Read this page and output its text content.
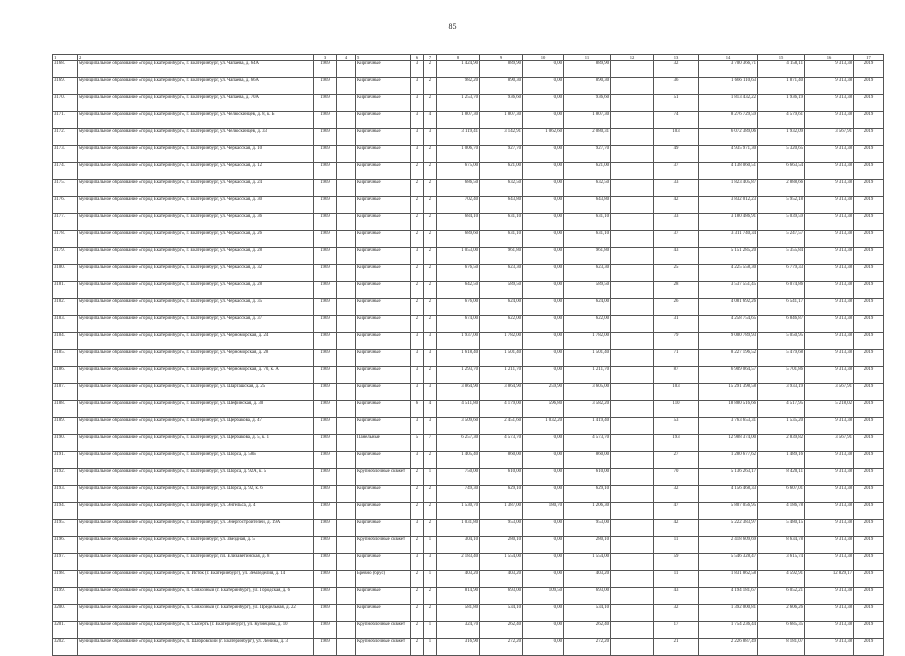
85
1	2	3	4	5	6	7	8	9	10	11	12	13	14	15	16	17
3168.	муниципальное образование «город Екатеринбург», г. Екатеринбург, ул. Чапаева, д. 64А	1969		Кирпичные	3	2	1 424,90	889,90	0,00	889,90		32	3 700 366,71	4 158,11	9 313,38	2019
3169.	муниципальное образование «город Екатеринбург», г. Екатеринбург, ул. Чапаева, д. 66А	1969		Кирпичные	3	2	982,20	890,30	0,00	890,30		36	1 666 110,63	1 871,40	9 313,38	2019
3170.	муниципальное образование «город Екатеринбург», г. Екатеринбург, ул. Чапаева, д. 70А	1969		Кирпичные	3	2	1 253,70	936,60	0,00	936,60		51	1 813 432,22	1 936,19	9 313,38	2019
3171.	муниципальное образование «город Екатеринбург», г. Екатеринбург, ул. Челюскинцев, д. 8, к. Б	1969		Кирпичные	3	4	1 807,30	1 807,30	0,00	1 807,30		74	8 276 729,59	4 579,61	9 313,38	2019
3172.	муниципальное образование «город Екатеринбург», г. Екатеринбург, ул. Челюскинцев, д. 33	1969		Кирпичные	3	3	3 119,41	3 142,91	1 062,60	2 080,31		103	6 072 389,06	1 932,09	3 567,91	2019
3173.	муниципальное образование «город Екатеринбург», г. Екатеринбург, ул. Черкасская, д. 10	1969		Кирпичные	3	2	1 006,70	927,70	0,00	927,70		49	4 935 971,30	5 320,65	9 313,38	2019
3174.	муниципальное образование «город Екатеринбург», г. Екатеринбург, ул. Черкасская, д. 12	1969		Кирпичные	2	2	675,00	621,00	0,00	621,00		37	4 138 060,51	6 663,54	9 313,38	2019
3175.	муниципальное образование «город Екатеринбург», г. Екатеринбург, ул. Черкасская, д. 24	1969		Кирпичные	2	2	686,50	632,50	0,00	632,50		33	1 823 405,87	2 888,66	9 313,38	2019
3176.	муниципальное образование «город Екатеринбург», г. Екатеринбург, ул. Черкасская, д. 30	1969		Кирпичные	2	2	702,40	643,80	0,00	643,80		42	3 832 012,23	5 952,18	9 313,38	2019
3177.	муниципальное образование «город Екатеринбург», г. Екатеринбург, ул. Черкасская, д. 36	1969		Кирпичные	2	2	684,10	631,10	0,00	631,10		33	3 180 486,91	5 039,59	9 313,38	2019
3178.	муниципальное образование «город Екатеринбург», г. Екатеринбург, ул. Черкасская, д. 26	1969		Кирпичные	2	2	689,60	631,10	0,00	631,10		37	3 311 740,34	5 247,57	9 313,38	2019
3179.	муниципальное образование «город Екатеринбург», г. Екатеринбург, ул. Черкасская, д. 28	1969		Кирпичные	3	2	1 053,00	961,80	0,00	961,80		43	5 151 285,20	5 355,84	9 313,38	2019
3180.	муниципальное образование «город Екатеринбург», г. Екатеринбург, ул. Черкасская, д. 32	1969		Кирпичные	2	2	676,50	623,30	0,00	623,30		25	4 225 558,30	6 779,33	9 313,38	2019
3181.	муниципальное образование «город Екатеринбург», г. Екатеринбург, ул. Черкасская, д. 28	1969		Кирпичные	2	2	642,50	589,50	0,00	589,50		28	3 537 551,45	6 074,86	9 313,38	2019
3182.	муниципальное образование «город Екатеринбург», г. Екатеринбург, ул. Черкасская, д. 35	1969		Кирпичные	2	2	676,00	624,00	0,00	624,00		26	4 081 692,26	6 541,17	9 313,38	2019
3183.	муниципальное образование «город Екатеринбург», г. Екатеринбург, ул. Черкасская, д. 37	1969		Кирпичные	2	2	674,00	622,00	0,00	622,00		31	4 258 754,65	6 846,87	9 313,38	2019
3184.	муниципальное образование «город Екатеринбург», г. Екатеринбург, ул. Черноморская, д. 24	1969		Кирпичные	3	3	1 937,00	1 782,00	0,00	1 782,00		79	9 000 789,93	5 050,95	9 313,38	2019
3185.	муниципальное образование «город Екатеринбург», г. Екатеринбург, ул. Черноморская, д. 28	1969		Кирпичные	3	3	1 618,40	1 501,40	0,00	1 501,40		71	8 227 196,52	5 479,68	9 313,38	2019
3186.	муниципальное образование «город Екатеринбург», г. Екатеринбург, ул. Черноморская, д. 70, к. А	1969		Кирпичные	3	2	1 293,70	1 211,70	0,00	1 211,70		87	6 909 064,57	5 701,86	9 313,38	2019
3187.	муниципальное образование «город Екатеринбург», г. Екатеринбург, ул. Шарташская, д. 25	1969		Кирпичные	3	3	3 864,90	3 864,90	259,90	3 605,00		103	15 291 398,58	3 933,19	3 567,91	2019
3188.	муниципальное образование «город Екатеринбург», г. Екатеринбург, ул. Шефинская, д. 30	1969		Кирпичные	6	4	4 511,80	4 179,00	596,80	3 582,20		110	18 880 516,66	4 517,95	5 218,02	2019
3189.	муниципальное образование «город Екатеринбург», г. Екатеринбург, ул. Щербакова, д. 47	1969		Кирпичные	3	3	3 509,60	2 451,60	1 032,20	1 419,40		53	3 763 653,31	1 535,20	9 313,38	2019
3190.	муниципальное образование «город Екатеринбург», г. Екатеринбург, ул. Щербакова, д. 5, к. 1	1969		Панельные	5	7	6 257,30	4 573,70	0,00	4 573,70		193	12 988 374,00	2 839,82	3 567,91	2019
3191.	муниципальное образование «город Екатеринбург», г. Екатеринбург, ул. Шорса, д. 58Б	1969		Кирпичные	3	2	1 405,40	860,00	0,00	860,00		27	1 280 677,62	1 489,16	9 313,38	2019
3192.	муниципальное образование «город Екатеринбург», г. Екатеринбург, ул. Шорса, д. 92А, к. 5	1969		Крупноблочные сквжет	2	1	750,00	610,00	0,00	610,00		70	5 136 263,17	8 420,11	9 313,38	2019
3193.	муниципальное образование «город Екатеринбург», г. Екатеринбург, ул. Шорса, д. 92, к. 6	1969		Кирпичные	2	2	749,30	629,10	0,00	629,10		32	4 156 468,33	6 607,01	9 313,38	2019
3194.	муниципальное образование «город Екатеринбург», г. Екатеринбург, ул. Энгельса, д. 4	1969		Кирпичные	2	2	1 530,70	1 387,00	180,70	1 206,30		47	5 807 056,95	4 186,78	9 313,38	2019
3195.	муниципальное образование «город Екатеринбург», г. Екатеринбург, ул. Энергостроителей, д. 19А	1969		Кирпичные	3	2	1 031,80	953,00	0,00	953,00		42	5 222 383,97	5 480,15	9 313,38	2019
3196.	муниципальное образование «город Екатеринбург», г. Екатеринбург, ул. Звездная, д. 5	1969		Крупноблочные сквжет	2	1	304,10	280,10	0,00	280,10		11	2 418 609,69	8 634,78	9 313,38	2019
3197.	муниципальное образование «город Екатеринбург», г. Екатеринбург, пл. Елизаветинская, д. 8	1969		Кирпичные	3	3	2 183,40	1 554,00	0,00	1 554,00		59	5 546 328,47	3 615,74	9 313,38	2019
3198.	муниципальное образование «город Екатеринбург», п. Исток (г. Екатеринбург), ул. Земледелия, д. 14	1969		Бревно (брус)	2	1	403,20	403,20	0,00	403,20		11	1 831 862,58	4 592,91	12 829,17	2019
3199.	муниципальное образование «город Екатеринбург», п. Совхозный (г. Екатеринбург), ул. Городская, д. 6	1969		Кирпичные	2	2	814,90	693,00	109,50	693,00		43	4 194 181,67	6 052,21	9 313,38	2019
3200.	муниципальное образование «город Екатеринбург», п. Совхозный (г. Екатеринбург), ул. Предельная, д. 22	1969		Кирпичные	2	2	581,80	534,10	0,00	534,10		32	1 392 000,81	2 606,26	9 313,38	2019
3201.	муниципальное образование «город Екатеринбург», п. Сысерть (г. Екатеринбург), ул. Кузнецова, д. 10	1969		Крупноблочные сквжет	2	1	324,70	262,40	0,00	262,40		17	1 754 236,44	6 685,35	9 313,38	2019
3202.	муниципальное образование «город Екатеринбург», п. Шабровский (г. Екатеринбург), ул. Ленина, д. 3	1969		Крупноблочные сквжет	2	1	316,90	272,20	0,00	272,20		21	2 226 887,49	8 181,07	9 313,38	2019
